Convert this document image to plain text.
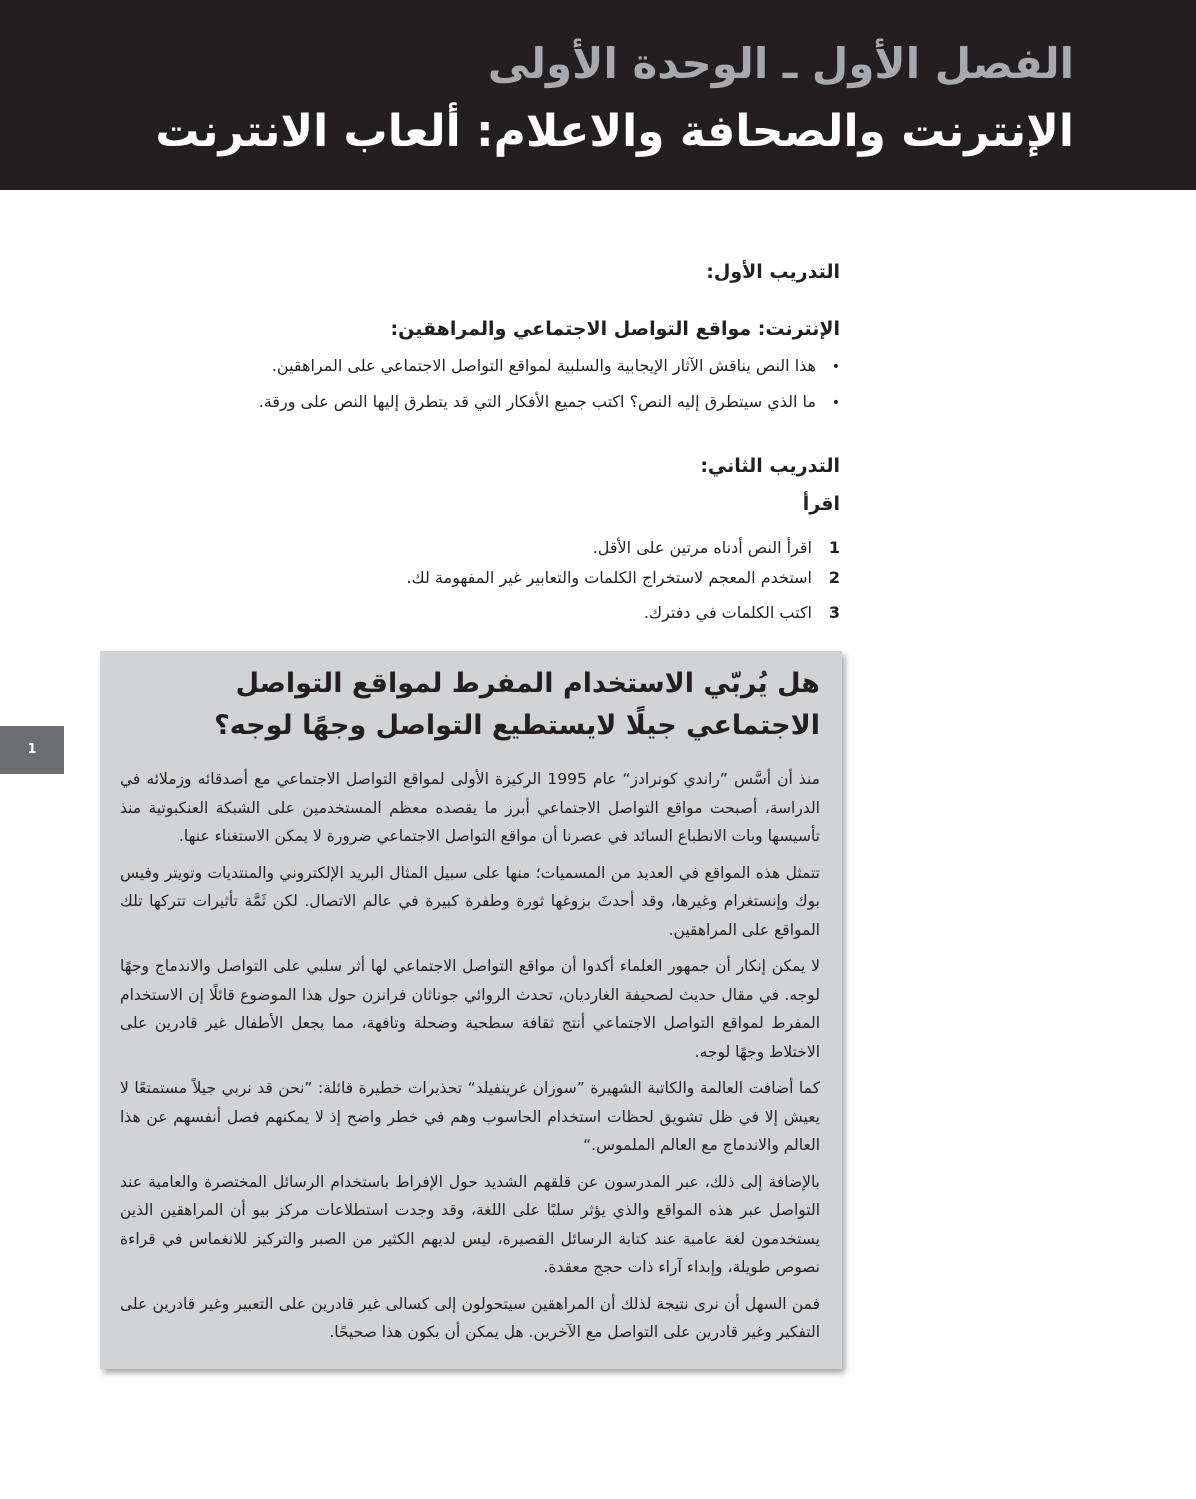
الفصل الأول ـ الوحدة الأولى
الإنترنت والصحافة والاعلام: ألعاب الانترنت
التدريب الأول:
الإنترنت: مواقع التواصل الاجتماعي والمراهقين:
•هذا النص يناقش الآثار الإيجابية والسلبية لمواقع التواصل الاجتماعي على المراهقين.
•ما الذي سيتطرق إليه النص؟ اكتب جميع الأفكار التي قد يتطرق إليها النص على ورقة.
التدريب الثاني:
اقرأ
1اقرأ النص أدناه مرتين على الأقل.
2استخدم المعجم لاستخراج الكلمات والتعابير غير المفهومة لك.
3اكتب الكلمات في دفترك.
هل يُربّي الاستخدام المفرط لمواقع التواصل الاجتماعي جيلًا لايستطيع التواصل وجهًا لوجه؟

منذ أن أسَّس ”راندي كونرادز“ عام 1995 الركيزة الأولى لمواقع التواصل الاجتماعي مع أصدقائه وزملائه في الدراسة، أصبحت مواقع التواصل الاجتماعي أبرز ما يقصده معظم المستخدمين على الشبكة العنكبوتية منذ تأسيسها وبات الانطباع السائد في عصرنا أن مواقع التواصل الاجتماعي ضرورة لا يمكن الاستغناء عنها.

تتمثل هذه المواقع في العديد من المسميات؛ منها على سبيل المثال البريد الإلكتروني والمنتديات وتويتر وفيس بوك وإنستغرام وغيرها، وقد أحدثَ بزوغها ثورة وطفرة كبيرة في عالم الاتصال. لكن ثَمَّة تأثيرات تتركها تلك المواقع على المراهقين.

لا يمكن إنكار أن جمهور العلماء أكدوا أن مواقع التواصل الاجتماعي لها أثر سلبي على التواصل والاندماج وجهًا لوجه. في مقال حديث لصحيفة الغارديان، تحدث الروائي جوناثان فرانزن حول هذا الموضوع قائلًا إن الاستخدام المفرط لمواقع التواصل الاجتماعي أنتج ثقافة سطحية وضحلة وتافهة، مما يجعل الأطفال غير قادرين على الاختلاط وجهًا لوجه.

كما أضافت العالمة والكاتبة الشهيرة ”سوزان غرينفيلد“ تحذيرات خطيرة قائلة: ”نحن قد نربي جيلاً مستمتعًا لا يعيش إلا في ظل تشويق لحظات استخدام الحاسوب وهم في خطر واضح إذ لا يمكنهم فصل أنفسهم عن هذا العالم والاندماج مع العالم الملموس.“

بالإضافة إلى ذلك، عبر المدرسون عن قلقهم الشديد حول الإفراط باستخدام الرسائل المختصرة والعامية عند التواصل عبر هذه المواقع والذي يؤثر سلبًا على اللغة، وقد وجدت استطلاعات مركز بيو أن المراهقين الذين يستخدمون لغة عامية عند كتابة الرسائل القصيرة، ليس لديهم الكثير من الصبر والتركيز للانغماس في قراءة نصوص طويلة، وإبداء آراء ذات حجج معقدة.

فمن السهل أن نرى نتيجة لذلك أن المراهقين سيتحولون إلى كسالى غير قادرين على التعبير وغير قادرين على التفكير وغير قادرين على التواصل مع الآخرين. هل يمكن أن يكون هذا صحيحًا.

1
